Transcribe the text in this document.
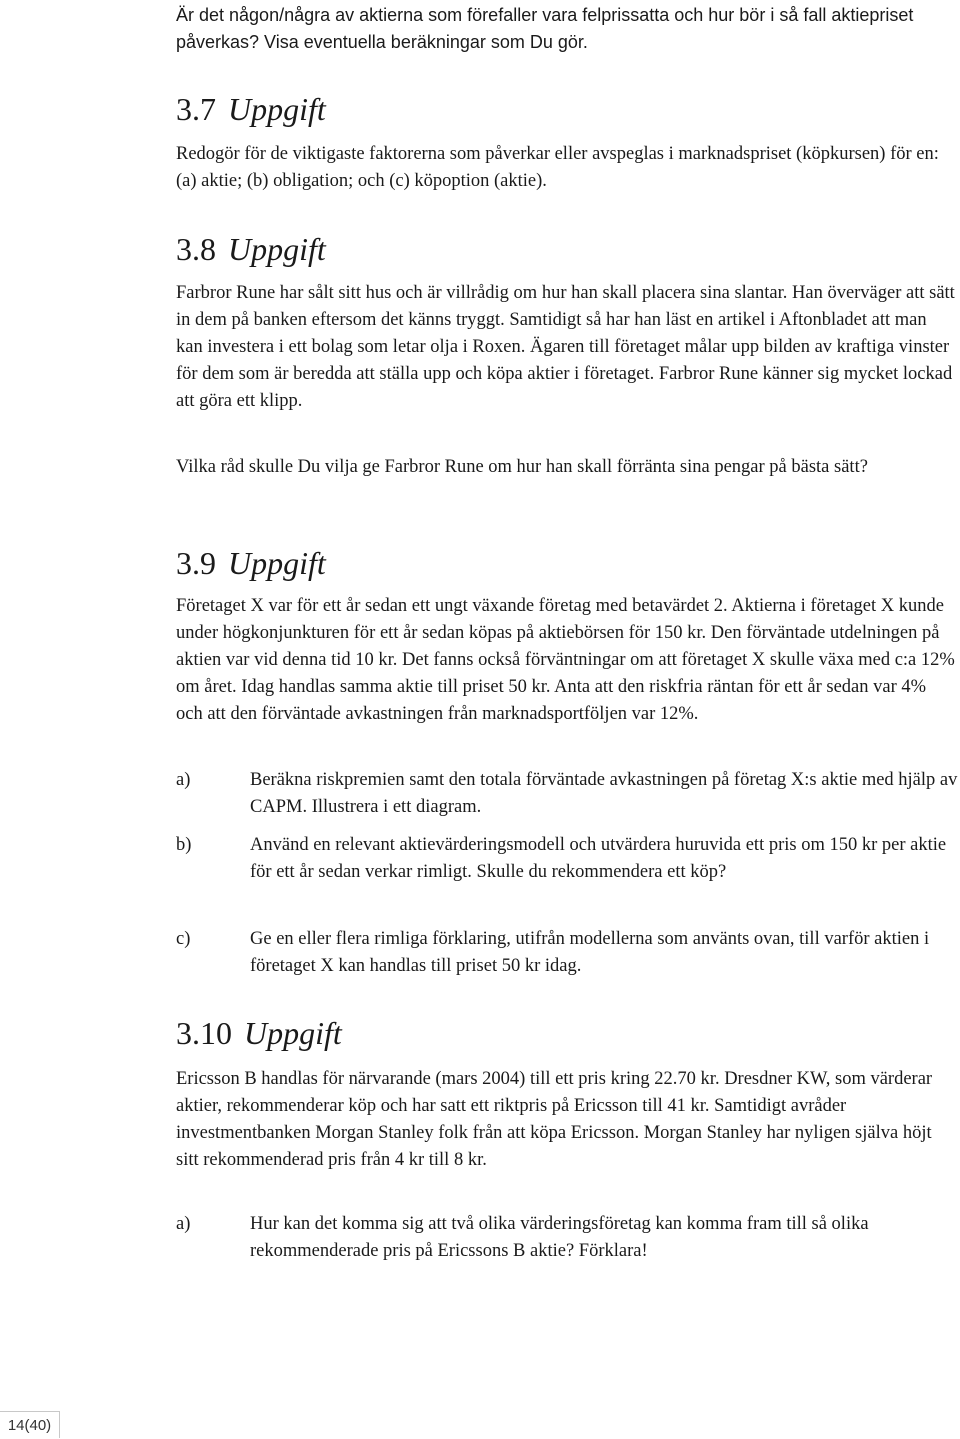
Är det någon/några av aktierna som förefaller vara felprissatta och hur bör i så fall aktiepriset påverkas? Visa eventuella beräkningar som Du gör.

3.7 Uppgift

Redogör för de viktigaste faktorerna som påverkar eller avspeglas i marknadspriset (köpkursen) för en: (a) aktie; (b) obligation; och (c) köpoption (aktie).

3.8 Uppgift

Farbror Rune har sålt sitt hus och är villrådig om hur han skall placera sina slantar. Han överväger att sätt in dem på banken eftersom det känns tryggt. Samtidigt så har han läst en artikel i Aftonbladet att man kan investera i ett bolag som letar olja i Roxen. Ägaren till företaget målar upp bilden av kraftiga vinster för dem som är beredda att ställa upp och köpa aktier i företaget. Farbror Rune känner sig mycket lockad att göra ett klipp.

Vilka råd skulle Du vilja ge Farbror Rune om hur han skall förränta sina pengar på bästa sätt?

3.9 Uppgift

Företaget X var för ett år sedan ett ungt växande företag med betavärdet 2. Aktierna i företaget X kunde under högkonjunkturen för ett år sedan köpas på aktiebörsen för 150 kr. Den förväntade utdelningen på aktien var vid denna tid 10 kr. Det fanns också förväntningar om att företaget X skulle växa med c:a 12% om året. Idag handlas samma aktie till priset 50 kr. Anta att den riskfria räntan för ett år sedan var 4% och att den förväntade avkastningen från marknadsportföljen var 12%.

a)	Beräkna riskpremien samt den totala förväntade avkastningen på företag X:s aktie med hjälp av CAPM. Illustrera i ett diagram.
b)	Använd en relevant aktievärderingsmodell och utvärdera huruvida ett pris om 150 kr per aktie för ett år sedan verkar rimligt. Skulle du rekommendera ett köp?
c)	Ge en eller flera rimliga förklaring, utifrån modellerna som använts ovan, till varför aktien i företaget X kan handlas till priset 50 kr idag.
3.10 Uppgift

Ericsson B handlas för närvarande (mars 2004) till ett pris kring 22.70 kr. Dresdner KW, som värderar aktier, rekommenderar köp och har satt ett riktpris på Ericsson till 41 kr. Samtidigt avråder investmentbanken Morgan Stanley folk från att köpa Ericsson. Morgan Stanley har nyligen själva höjt sitt rekommenderad pris från 4 kr till 8 kr.

a)	Hur kan det komma sig att två olika värderingsföretag kan komma fram till så olika rekommenderade pris på Ericssons B aktie? Förklara!
14(40)
